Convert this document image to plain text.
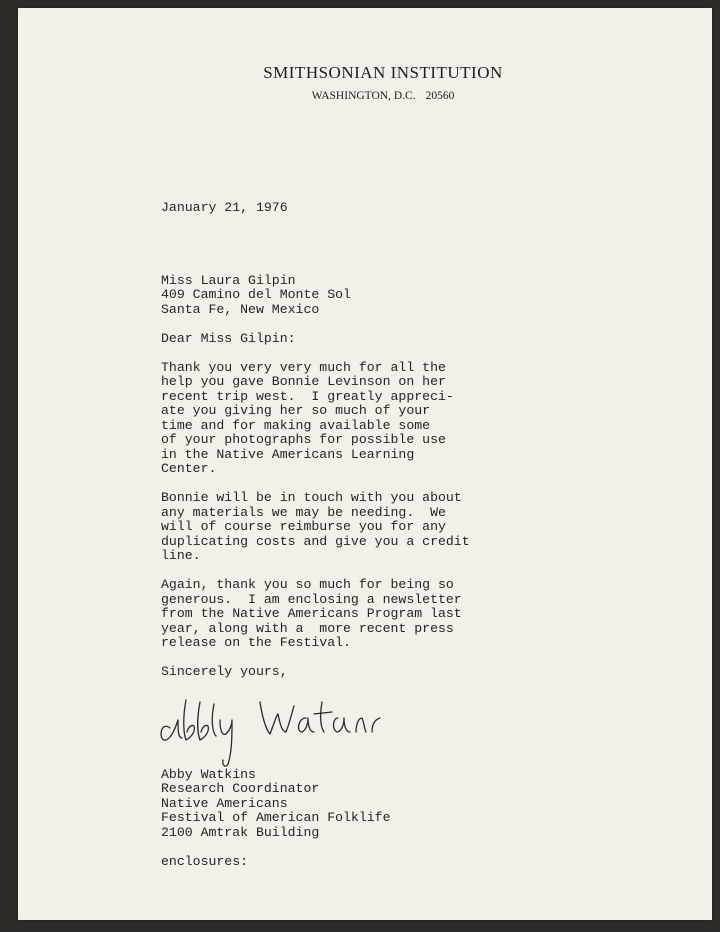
SMITHSONIAN INSTITUTION
WASHINGTON, D.C. 20560
January 21, 1976
Miss Laura Gilpin
409 Camino del Monte Sol
Santa Fe, New Mexico
Dear Miss Gilpin:
Thank you very very much for all the
help you gave Bonnie Levinson on her
recent trip west.  I greatly appreci-
ate you giving her so much of your
time and for making available some
of your photographs for possible use
in the Native Americans Learning
Center.
Bonnie will be in touch with you about
any materials we may be needing.  We
will of course reimburse you for any
duplicating costs and give you a credit
line.
Again, thank you so much for being so
generous.  I am enclosing a newsletter
from the Native Americans Program last
year, along with a  more recent press
release on the Festival.
Sincerely yours,
Abby Watkins
Research Coordinator
Native Americans
Festival of American Folklife
2100 Amtrak Building
enclosures:
